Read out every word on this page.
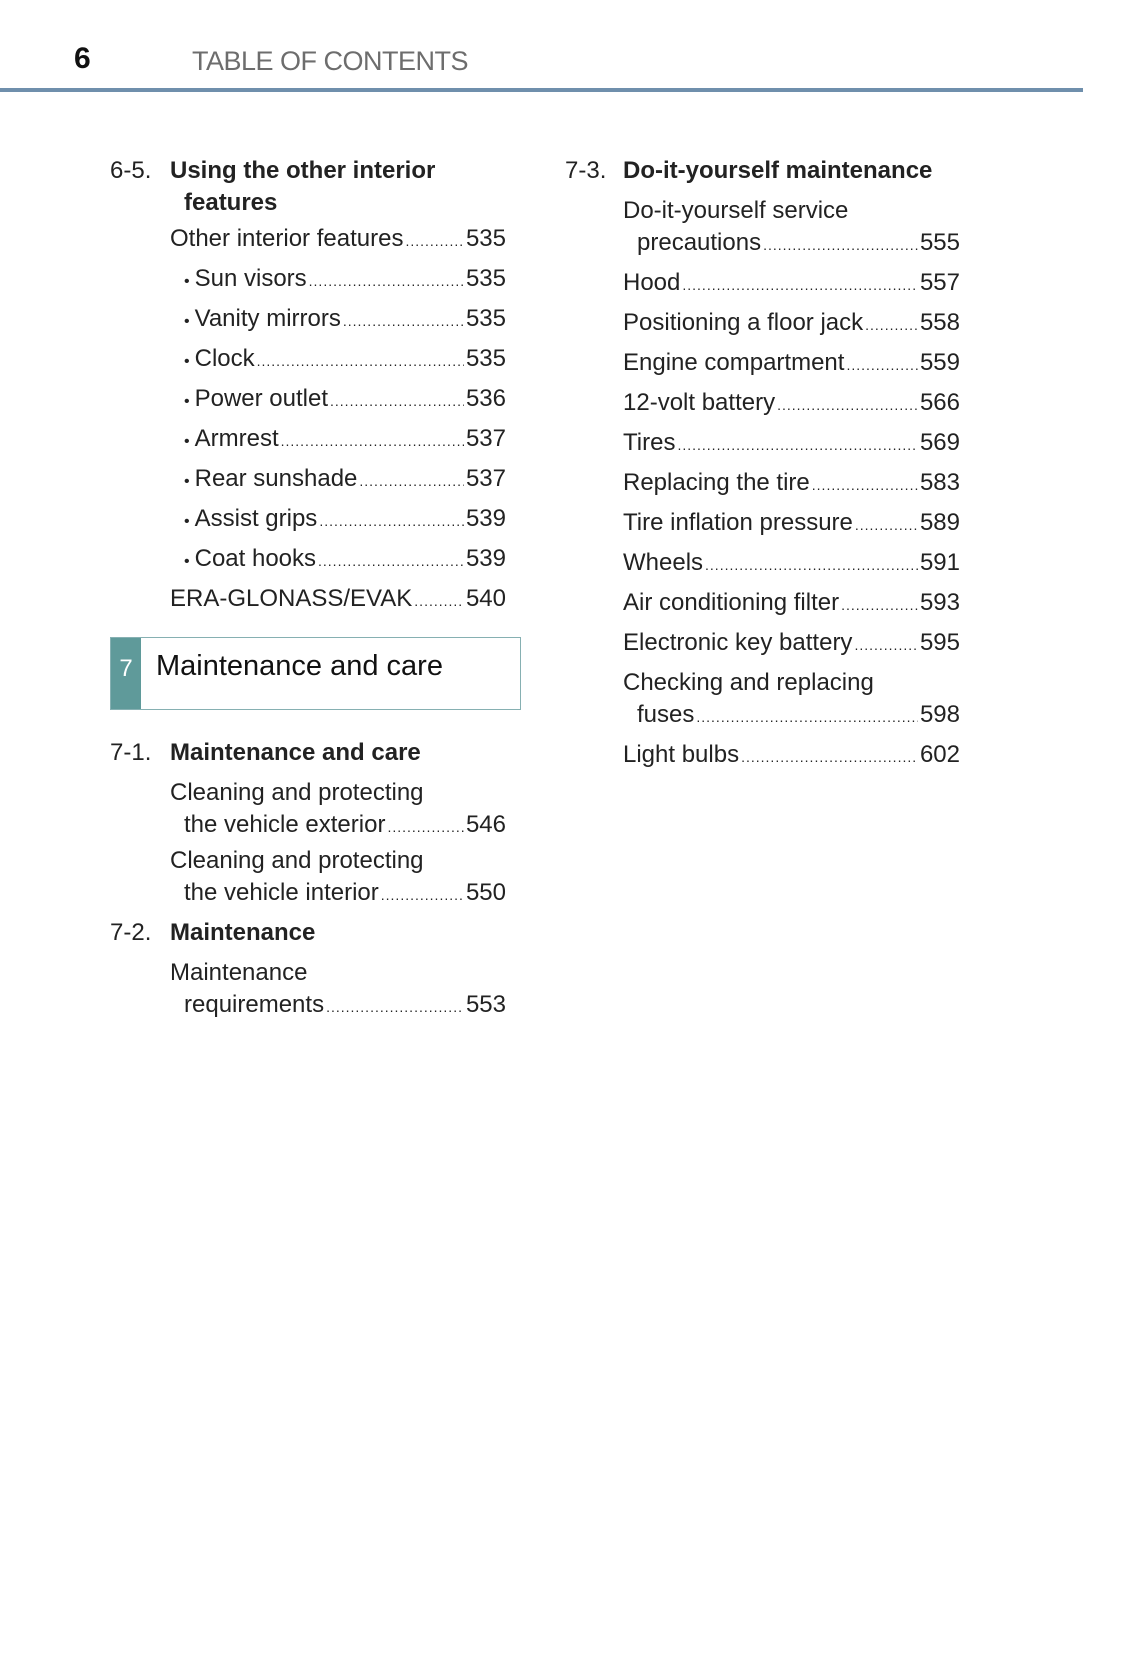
6	TABLE OF CONTENTS
6-5. Using the other interior
features
Other interior features .....	535
• Sun visors .....	535
• Vanity mirrors .....	535
• Clock .....	535
• Power outlet .....	536
• Armrest .....	537
• Rear sunshade .....	537
• Assist grips .....	539
• Coat hooks .....	539
ERA-GLONASS/EVAK ..... 540
7 Maintenance and care
7-1. Maintenance and care
Cleaning and protecting
the vehicle exterior .....	546
Cleaning and protecting
the vehicle interior .....	550
7-2. Maintenance
Maintenance
requirements .....	553
7-3. Do-it-yourself maintenance
Do-it-yourself service
precautions .....	555
Hood .....	557
Positioning a floor jack ..... 558
Engine compartment .....	559
12-volt battery .....	566
Tires .....	569
Replacing the tire .....	583
Tire inflation pressure .....	589
Wheels .....	591
Air conditioning filter .....	593
Electronic key battery .....	595
Checking and replacing
fuses .....	598
Light bulbs .....	602
